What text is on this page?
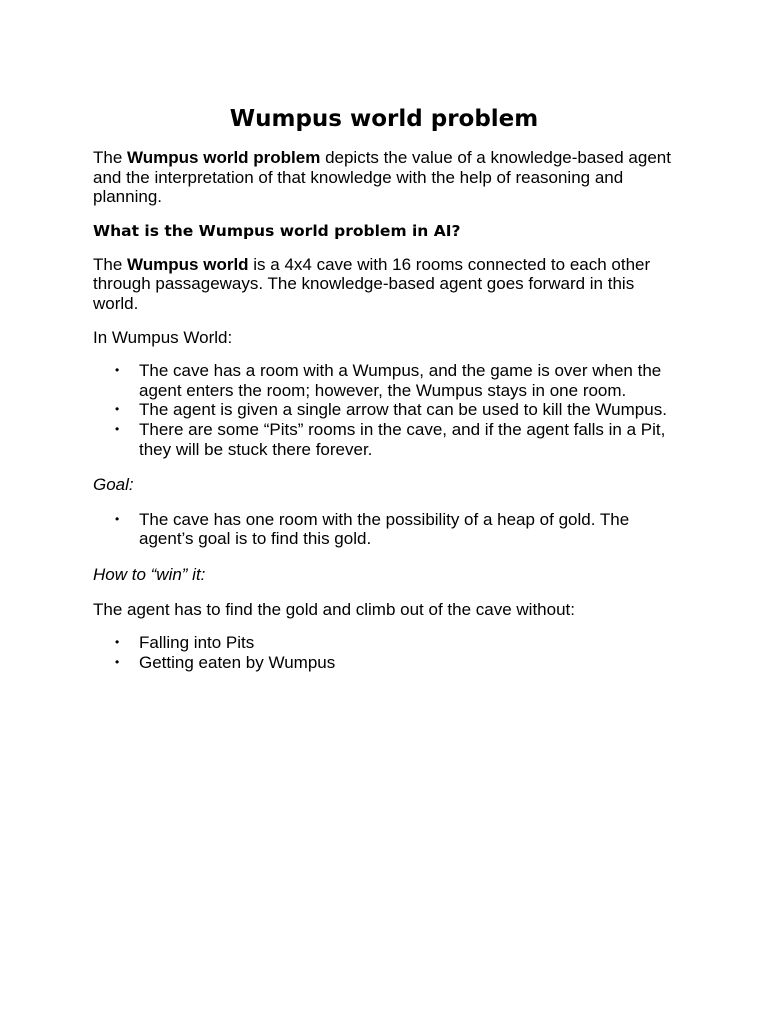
Wumpus world problem

The Wumpus world problem depicts the value of a knowledge-based agent and the interpretation of that knowledge with the help of reasoning and planning.

What is the Wumpus world problem in AI?

The Wumpus world is a 4x4 cave with 16 rooms connected to each other through passageways. The knowledge-based agent goes forward in this world.

In Wumpus World:

• The cave has a room with a Wumpus, and the game is over when the agent enters the room; however, the Wumpus stays in one room.
• The agent is given a single arrow that can be used to kill the Wumpus.
• There are some “Pits” rooms in the cave, and if the agent falls in a Pit, they will be stuck there forever.

Goal:

• The cave has one room with the possibility of a heap of gold. The agent’s goal is to find this gold.

How to “win” it:

The agent has to find the gold and climb out of the cave without:

• Falling into Pits
• Getting eaten by Wumpus
